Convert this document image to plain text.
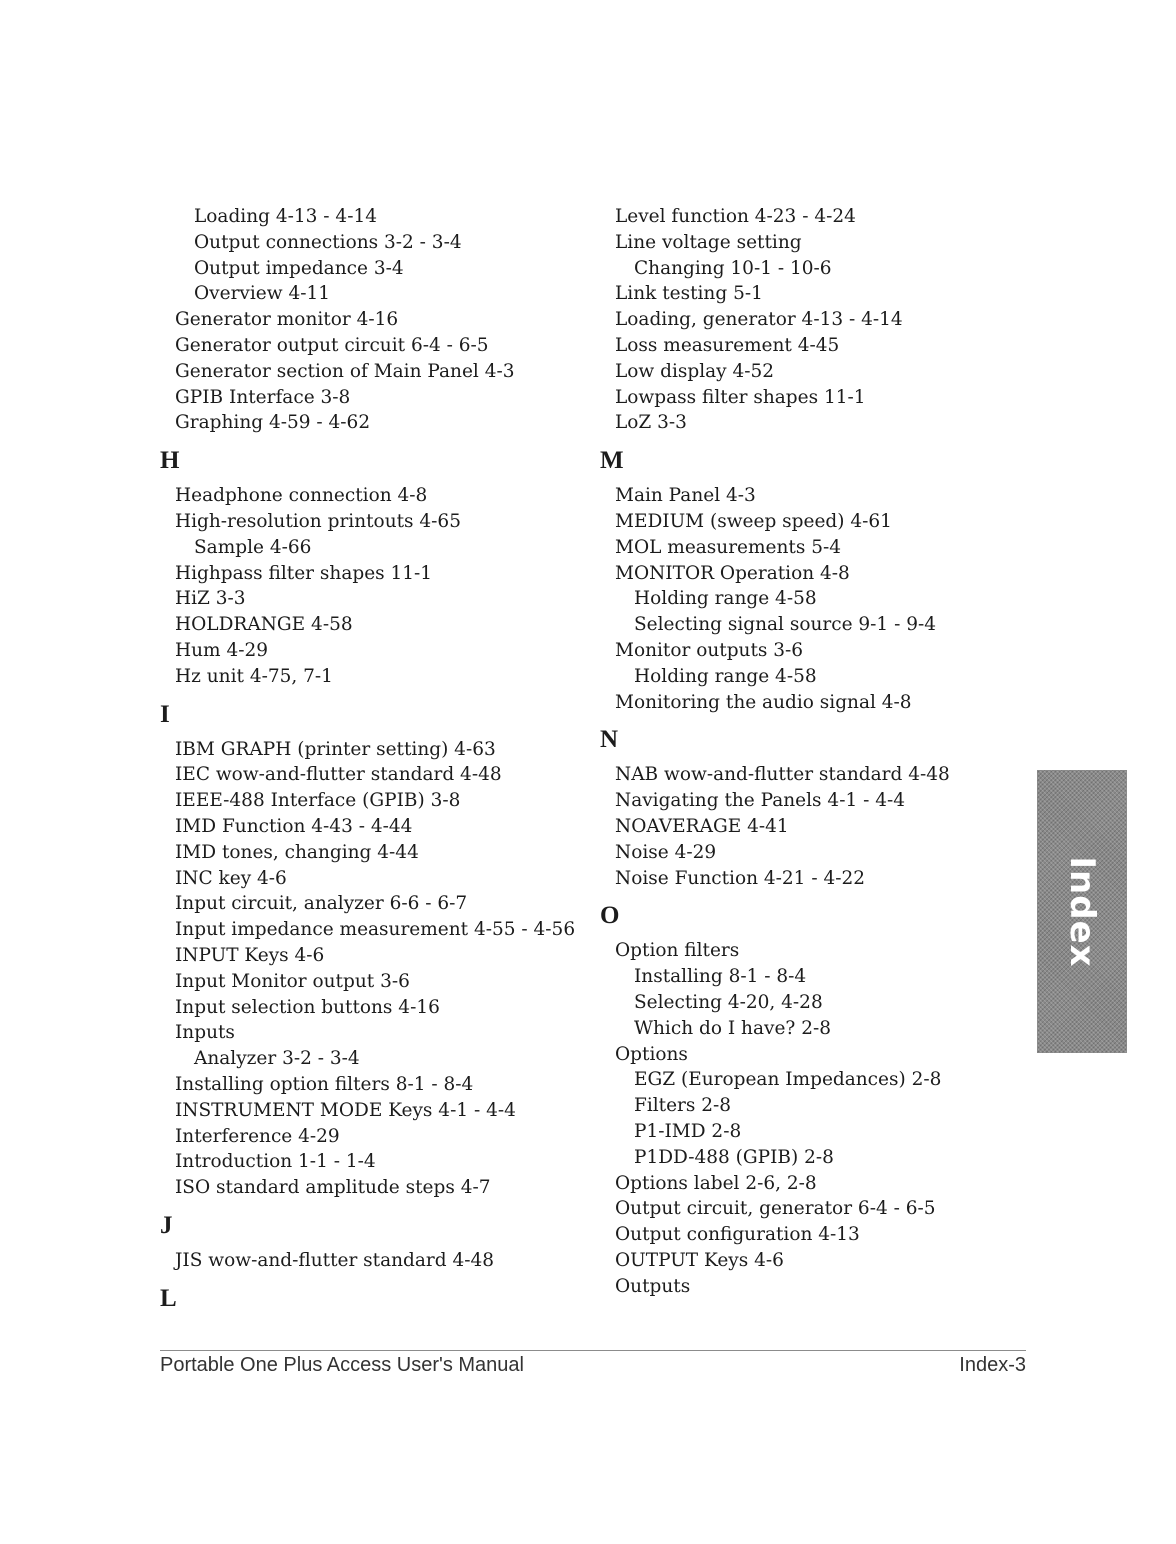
Loading 4-13 - 4-14
Output connections 3-2 - 3-4
Output impedance 3-4
Overview 4-11
Generator monitor 4-16
Generator output circuit 6-4 - 6-5
Generator section of Main Panel 4-3
GPIB Interface 3-8
Graphing 4-59 - 4-62
H
Headphone connection 4-8
High-resolution printouts 4-65
Sample 4-66
Highpass filter shapes 11-1
HiZ 3-3
HOLDRANGE 4-58
Hum 4-29
Hz unit 4-75, 7-1
I
IBM GRAPH (printer setting) 4-63
IEC wow-and-flutter standard 4-48
IEEE-488 Interface (GPIB) 3-8
IMD Function 4-43 - 4-44
IMD tones, changing 4-44
INC key 4-6
Input circuit, analyzer 6-6 - 6-7
Input impedance measurement 4-55 - 4-56
INPUT Keys 4-6
Input Monitor output 3-6
Input selection buttons 4-16
Inputs
Analyzer 3-2 - 3-4
Installing option filters 8-1 - 8-4
INSTRUMENT MODE Keys 4-1 - 4-4
Interference 4-29
Introduction 1-1 - 1-4
ISO standard amplitude steps 4-7
J
JIS wow-and-flutter standard 4-48
L
Level function 4-23 - 4-24
Line voltage setting
Changing 10-1 - 10-6
Link testing 5-1
Loading, generator 4-13 - 4-14
Loss measurement 4-45
Low display 4-52
Lowpass filter shapes 11-1
LoZ 3-3
M
Main Panel 4-3
MEDIUM (sweep speed) 4-61
MOL measurements 5-4
MONITOR Operation 4-8
Holding range 4-58
Selecting signal source 9-1 - 9-4
Monitor outputs 3-6
Holding range 4-58
Monitoring the audio signal 4-8
N
NAB wow-and-flutter standard 4-48
Navigating the Panels 4-1 - 4-4
NOAVERAGE 4-41
Noise 4-29
Noise Function 4-21 - 4-22
O
Option filters
Installing 8-1 - 8-4
Selecting 4-20, 4-28
Which do I have? 2-8
Options
EGZ (European Impedances) 2-8
Filters 2-8
P1-IMD 2-8
P1DD-488 (GPIB) 2-8
Options label 2-6, 2-8
Output circuit, generator 6-4 - 6-5
Output configuration 4-13
OUTPUT Keys 4-6
Outputs
Index
Portable One Plus Access User's Manual	Index-3
